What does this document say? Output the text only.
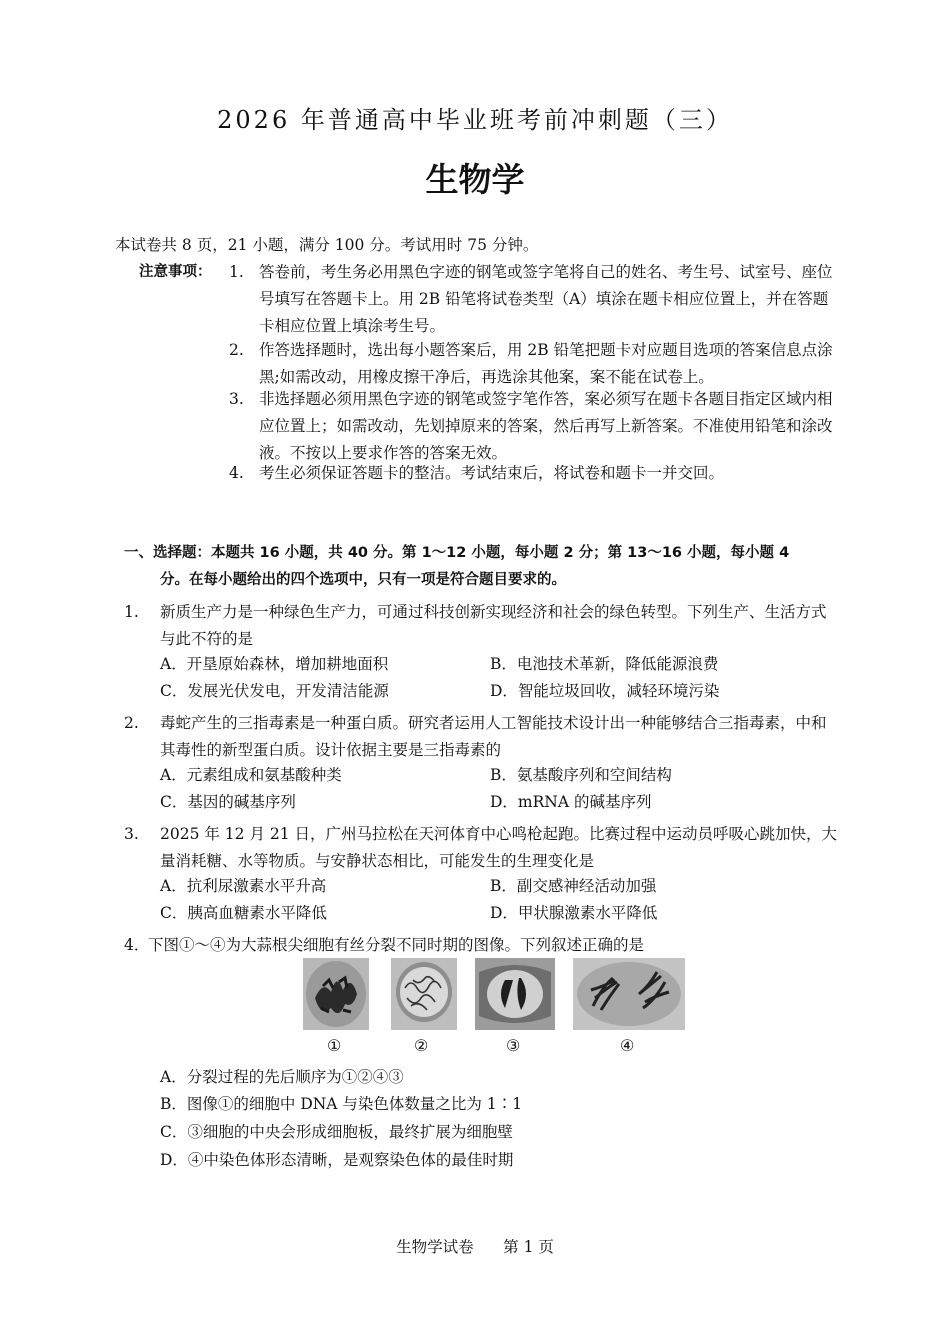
2026 年普通高中毕业班考前冲刺题（三）
生物学
本试卷共 8 页，21 小题，满分 100 分。考试用时 75 分钟。
注意事项： 1. 答卷前，考生务必用黑色字迹的钢笔或签字笔将自己的姓名、考生号、试室号、座位号填写在答题卡上。用 2B 铅笔将试卷类型（A）填涂在题卡相应位置上，并在答题卡相应位置上填涂考生号。
2. 作答选择题时，选出每小题答案后，用 2B 铅笔把题卡对应题目选项的答案信息点涂黑;如需改动，用橡皮擦干净后，再选涂其他案，案不能在试卷上。
3. 非选择题必须用黑色字迹的钢笔或签字笔作答，案必须写在题卡各题目指定区域内相应位置上；如需改动，先划掉原来的答案，然后再写上新答案。不准使用铅笔和涂改液。不按以上要求作答的答案无效。
4. 考生必须保证答题卡的整洁。考试结束后，将试卷和题卡一并交回。
一、选择题：本题共 16 小题，共 40 分。第 1～12 小题，每小题 2 分；第 13～16 小题，每小题 4
分。在每小题给出的四个选项中，只有一项是符合题目要求的。
1. 新质生产力是一种绿色生产力，可通过科技创新实现经济和社会的绿色转型。下列生产、生活方式与此不符的是
A．开垦原始森林，增加耕地面积	B．电池技术革新，降低能源浪费
C．发展光伏发电，开发清洁能源	D．智能垃圾回收，减轻环境污染
2. 毒蛇产生的三指毒素是一种蛋白质。研究者运用人工智能技术设计出一种能够结合三指毒素，中和其毒性的新型蛋白质。设计依据主要是三指毒素的
A．元素组成和氨基酸种类	B．氨基酸序列和空间结构
C．基因的碱基序列	D．mRNA 的碱基序列
3. 2025 年 12 月 21 日，广州马拉松在天河体育中心鸣枪起跑。比赛过程中运动员呼吸心跳加快，大量消耗糖、水等物质。与安静状态相比，可能发生的生理变化是
A．抗利尿激素水平升高	B．副交感神经活动加强
C．胰高血糖素水平降低	D．甲状腺激素水平降低
4．
下图①～④为大蒜根尖细胞有丝分裂不同时期的图像。下列叙述正确的是
①	②	③	④
A．分裂过程的先后顺序为①②④③
B．图像①的细胞中 DNA 与染色体数量之比为 1∶1
C．③细胞的中央会形成细胞板，最终扩展为细胞壁
D．④中染色体形态清晰，是观察染色体的最佳时期
生物学试卷 第 1 页
